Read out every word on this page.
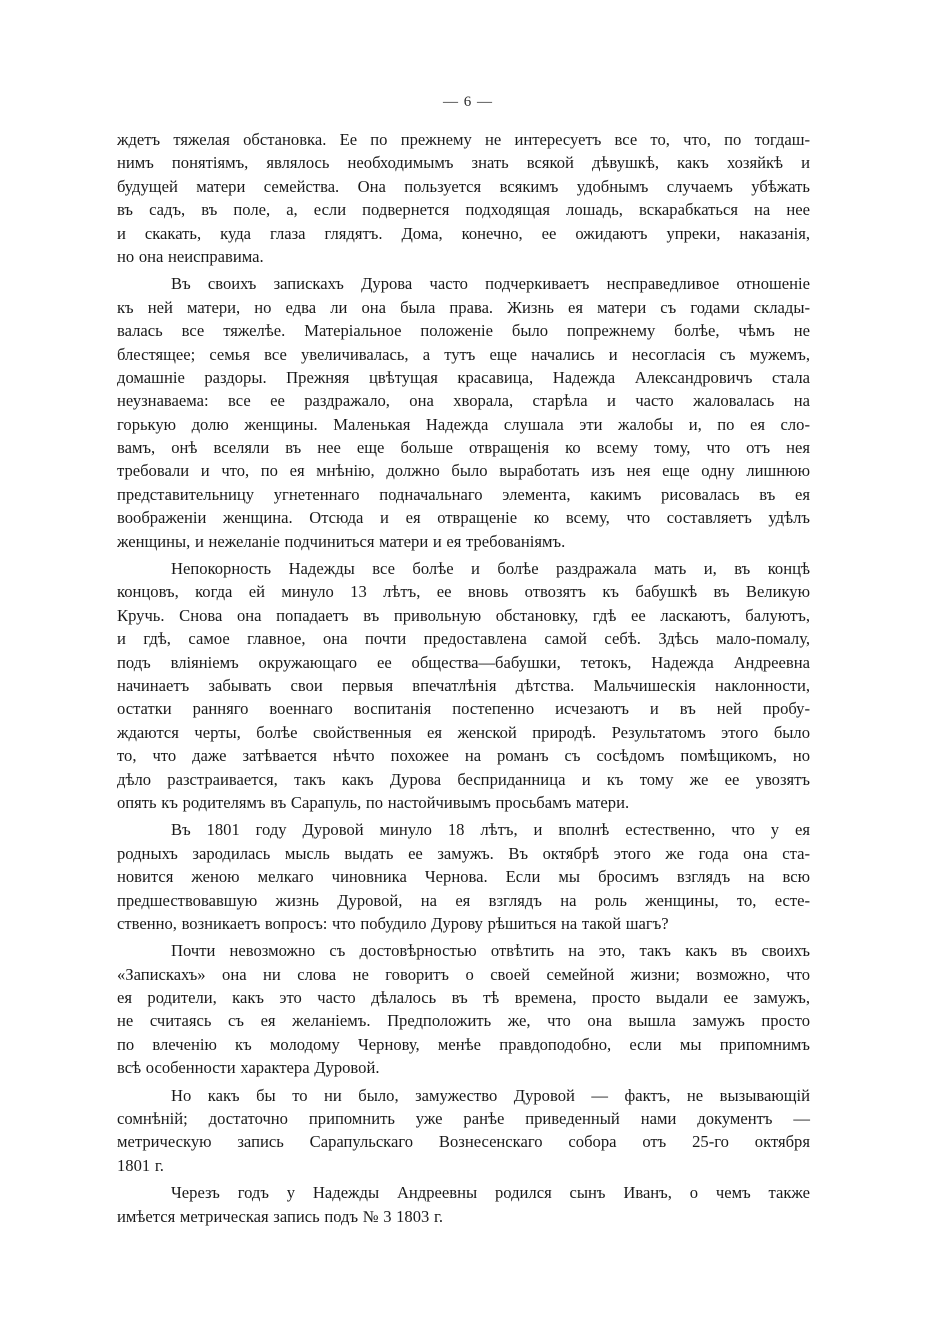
— 6 —
ждетъ тяжелая обстановка. Ее по прежнему не интересуетъ все то, что, по тогдаш-
нимъ понятіямъ, являлось необходимымъ знать всякой дѣвушкѣ, какъ хозяйкѣ и
будущей матери семейства. Она пользуется всякимъ удобнымъ случаемъ убѣжать
въ садъ, въ поле, а, если подвернется подходящая лошадь, вскарабкаться на нее
и скакать, куда глаза глядятъ. Дома, конечно, ее ожидаютъ упреки, наказанія,
но она неисправима.
Въ своихъ запискахъ Дурова часто подчеркиваетъ несправедливое отношеніе
къ ней матери, но едва ли она была права. Жизнь ея матери съ годами склады-
валась все тяжелѣе. Матеріальное положеніе было попрежнему болѣе, чѣмъ не
блестящее; семья все увеличивалась, а тутъ еще начались и несогласія съ мужемъ,
домашніе раздоры. Прежняя цвѣтущая красавица, Надежда Александровичъ стала
неузнаваема: все ее раздражало, она хворала, старѣла и часто жаловалась на
горькую долю женщины. Маленькая Надежда слушала эти жалобы и, по ея сло-
вамъ, онѣ вселяли въ нее еще больше отвращенія ко всему тому, что отъ нея
требовали и что, по ея мнѣнію, должно было выработать изъ нея еще одну лишнюю
представительницу угнетеннаго подначальнаго элемента, какимъ рисовалась въ ея
воображеніи женщина. Отсюда и ея отвращеніе ко всему, что составляетъ удѣлъ
женщины, и нежеланіе подчиниться матери и ея требованіямъ.
Непокорность Надежды все болѣе и болѣе раздражала мать и, въ концѣ
концовъ, когда ей минуло 13 лѣтъ, ее вновь отвозятъ къ бабушкѣ въ Великую
Кручь. Снова она попадаетъ въ привольную обстановку, гдѣ ее ласкаютъ, балуютъ,
и гдѣ, самое главное, она почти предоставлена самой себѣ. Здѣсь мало-помалу,
подъ вліяніемъ окружающаго ее общества—бабушки, тетокъ, Надежда Андреевна
начинаетъ забывать свои первыя впечатлѣнія дѣтства. Мальчишескія наклонности,
остатки ранняго военнаго воспитанія постепенно исчезаютъ и въ ней пробу-
ждаются черты, болѣе свойственныя ея женской природѣ. Результатомъ этого было
то, что даже затѣвается нѣчто похожее на романъ съ сосѣдомъ помѣщикомъ, но
дѣло разстраивается, такъ какъ Дурова бесприданница и къ тому же ее увозятъ
опять къ родителямъ въ Сарапуль, по настойчивымъ просьбамъ матери.
Въ 1801 году Дуровой минуло 18 лѣтъ, и вполнѣ естественно, что у ея
родныхъ зародилась мысль выдать ее замужъ. Въ октябрѣ этого же года она ста-
новится женою мелкаго чиновника Чернова. Если мы бросимъ взглядъ на всю
предшествовавшую жизнь Дуровой, на ея взглядъ на роль женщины, то, есте-
ственно, возникаетъ вопросъ: что побудило Дурову рѣшиться на такой шагъ?
Почти невозможно съ достовѣрностью отвѣтить на это, такъ какъ въ своихъ
«Запискахъ» она ни слова не говоритъ о своей семейной жизни; возможно, что
ея родители, какъ это часто дѣлалось въ тѣ времена, просто выдали ее замужъ,
не считаясь съ ея желаніемъ. Предположить же, что она вышла замужъ просто
по влеченію къ молодому Чернову, менѣе правдоподобно, если мы припомнимъ
всѣ особенности характера Дуровой.
Но какъ бы то ни было, замужество Дуровой — фактъ, не вызывающій
сомнѣній; достаточно припомнить уже ранѣе приведенный нами документъ —
метрическую запись Сарапульскаго Вознесенскаго собора отъ 25-го октября
1801 г.
Черезъ годъ у Надежды Андреевны родился сынъ Иванъ, о чемъ также
имѣется метрическая запись подъ № 3 1803 г.
